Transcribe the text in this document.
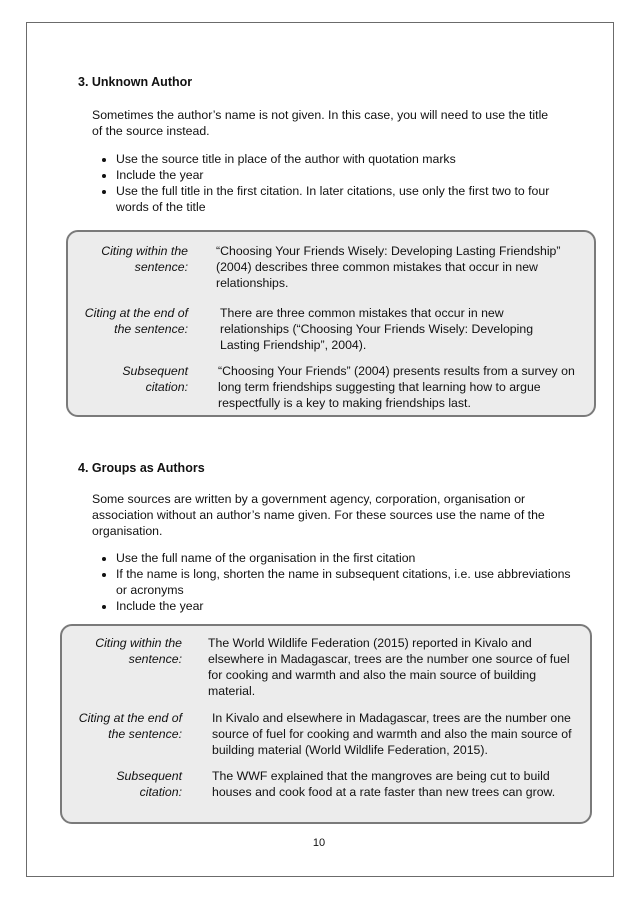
3. Unknown Author
Sometimes the author’s name is not given. In this case, you will need to use the title of the source instead.
• Use the source title in place of the author with quotation marks
• Include the year
• Use the full title in the first citation. In later citations, use only the first two to four words of the title
Citing within the sentence:
“Choosing Your Friends Wisely: Developing Lasting Friendship” (2004) describes three common mistakes that occur in new relationships.
Citing at the end of the sentence:
There are three common mistakes that occur in new relationships (“Choosing Your Friends Wisely: Developing Lasting Friendship”, 2004).
Subsequent citation:
“Choosing Your Friends” (2004) presents results from a survey on long term friendships suggesting that learning how to argue respectfully is a key to making friendships last.
4. Groups as Authors
Some sources are written by a government agency, corporation, organisation or association without an author’s name given. For these sources use the name of the organisation.
• Use the full name of the organisation in the first citation
• If the name is long, shorten the name in subsequent citations, i.e. use abbreviations or acronyms
• Include the year
Citing within the sentence:
The World Wildlife Federation (2015) reported in Kivalo and elsewhere in Madagascar, trees are the number one source of fuel for cooking and warmth and also the main source of building material.
Citing at the end of the sentence:
In Kivalo and elsewhere in Madagascar, trees are the number one source of fuel for cooking and warmth and also the main source of building material (World Wildlife Federation, 2015).
Subsequent citation:
The WWF explained that the mangroves are being cut to build houses and cook food at a rate faster than new trees can grow.
10
